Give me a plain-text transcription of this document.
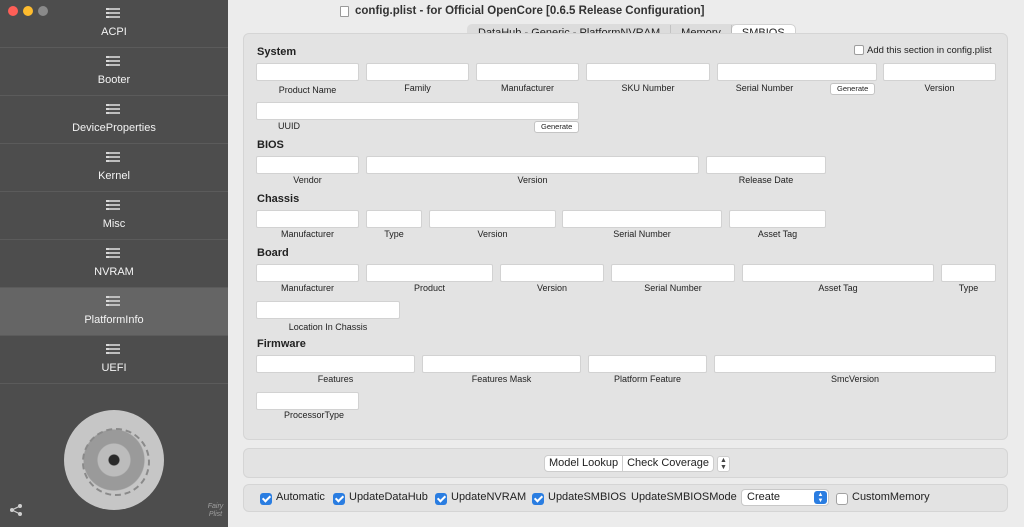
ACPI
Booter
DeviceProperties
Kernel
Misc
NVRAM
PlatformInfo
UEFI
Fairy Plist
config.plist - for Official OpenCore [0.6.5 Release Configuration]
Add this section in config.plist
System
Product Name	Family	Manufacturer	SKU Number	Serial Number	Generate	Version
UUID	Generate
BIOS
Vendor	Version	Release Date
Chassis
Manufacturer	Type	Version	Serial Number	Asset Tag
Board
Manufacturer	Product	Version	Serial Number	Asset Tag	Type
Location In Chassis
Firmware
Features	Features Mask	Platform Feature	SmcVersion
ProcessorType
Model Lookup Check Coverage	▲
▼
Automatic UpdateDataHub UpdateNVRAM UpdateSMBIOS UpdateSMBIOSMode Create	▲
▼	CustomMemory
